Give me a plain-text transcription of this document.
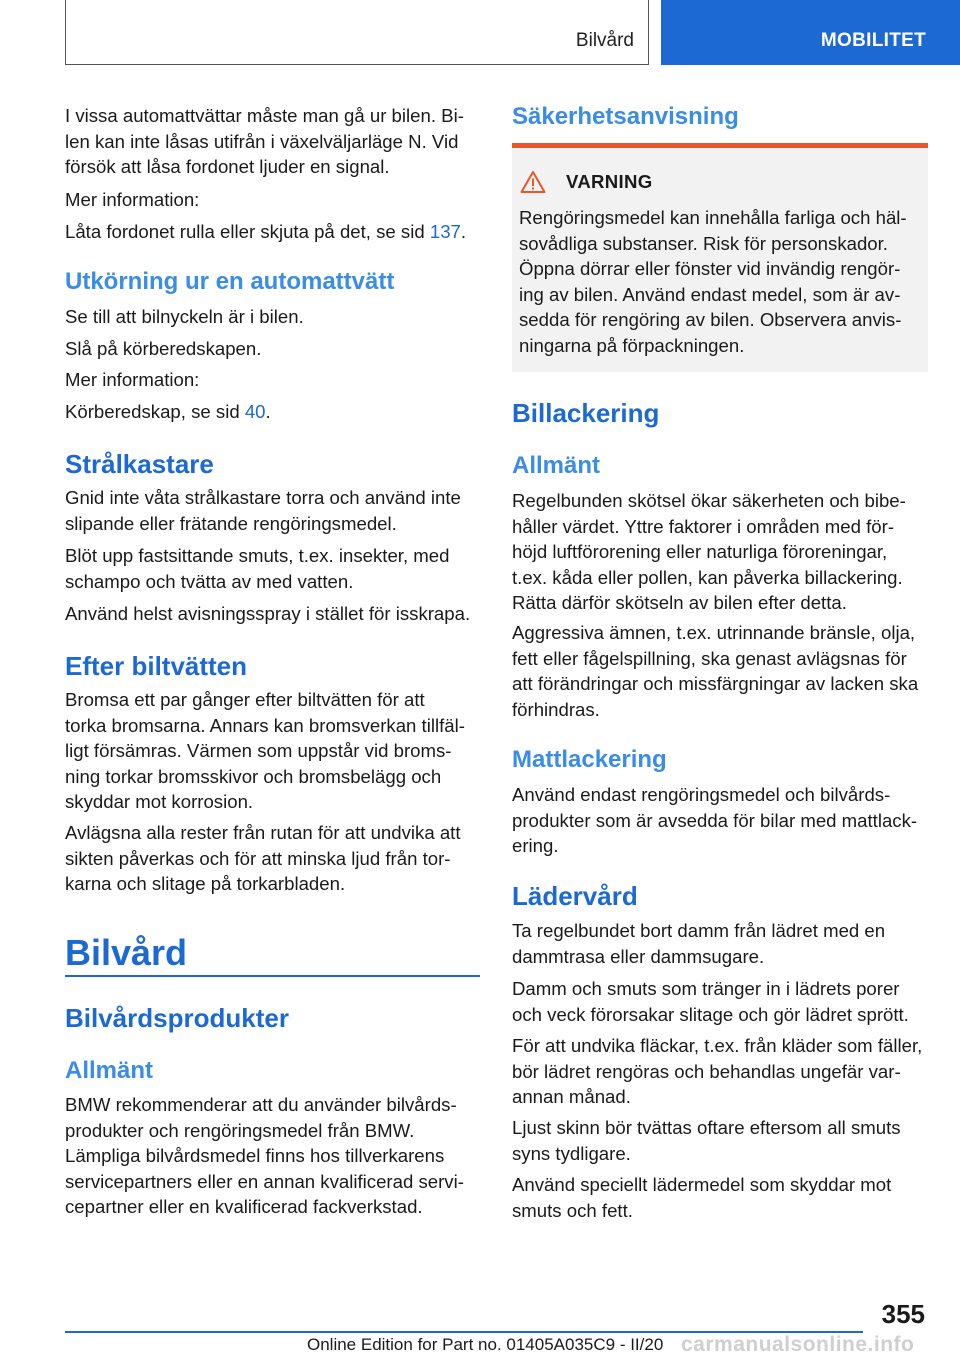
Bilvård	MOBILITET
I vissa automattvättar måste man gå ur bilen. Bi-
len kan inte låsas utifrån i växelväljarläge N. Vid
försök att låsa fordonet ljuder en signal.
Mer information:
Låta fordonet rulla eller skjuta på det, se sid 137.
Utkörning ur en automattvätt
Se till att bilnyckeln är i bilen.
Slå på körberedskapen.
Mer information:
Körberedskap, se sid 40.
Strålkastare
Gnid inte våta strålkastare torra och använd inte
slipande eller frätande rengöringsmedel.
Blöt upp fastsittande smuts, t.ex. insekter, med
schampo och tvätta av med vatten.
Använd helst avisningsspray i stället för isskrapa.
Efter biltvätten
Bromsa ett par gånger efter biltvätten för att
torka bromsarna. Annars kan bromsverkan tillfäl-
ligt försämras. Värmen som uppstår vid broms-
ning torkar bromsskivor och bromsbelägg och
skyddar mot korrosion.
Avlägsna alla rester från rutan för att undvika att
sikten påverkas och för att minska ljud från tor-
karna och slitage på torkarbladen.
Bilvård
Bilvårdsprodukter
Allmänt
BMW rekommenderar att du använder bilvårds-
produkter och rengöringsmedel från BMW.
Lämpliga bilvårdsmedel finns hos tillverkarens
servicepartners eller en annan kvalificerad servi-
cepartner eller en kvalificerad fackverkstad.
Säkerhetsanvisning
VARNING
Rengöringsmedel kan innehålla farliga och häl-
sovådliga substanser. Risk för personskador.
Öppna dörrar eller fönster vid invändig rengör-
ing av bilen. Använd endast medel, som är av-
sedda för rengöring av bilen. Observera anvis-
ningarna på förpackningen.
Billackering
Allmänt
Regelbunden skötsel ökar säkerheten och bibe-
håller värdet. Yttre faktorer i områden med för-
höjd luftförorening eller naturliga föroreningar,
t.ex. kåda eller pollen, kan påverka billackering.
Rätta därför skötseln av bilen efter detta.
Aggressiva ämnen, t.ex. utrinnande bränsle, olja,
fett eller fågelspillning, ska genast avlägsnas för
att förändringar och missfärgningar av lacken ska
förhindras.
Mattlackering
Använd endast rengöringsmedel och bilvårds-
produkter som är avsedda för bilar med mattlack-
ering.
Lädervård
Ta regelbundet bort damm från lädret med en
dammtrasa eller dammsugare.
Damm och smuts som tränger in i lädrets porer
och veck förorsakar slitage och gör lädret sprött.
För att undvika fläckar, t.ex. från kläder som fäller,
bör lädret rengöras och behandlas ungefär var-
annan månad.
Ljust skinn bör tvättas oftare eftersom all smuts
syns tydligare.
Använd speciellt lädermedel som skyddar mot
smuts och fett.
355
Online Edition for Part no. 01405A035C9 - II/20 carmanualsonline.info
